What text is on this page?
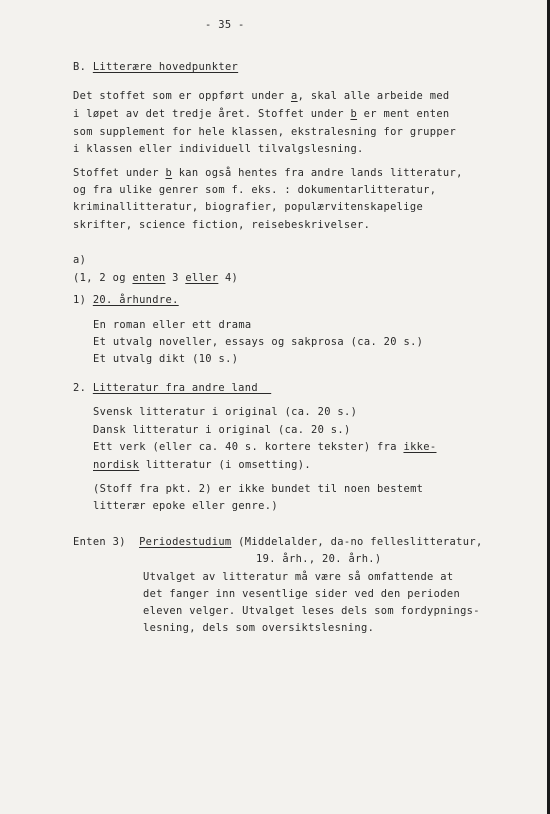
- 35 -
B. Litterære hovedpunkter
Det stoffet som er oppført under a, skal alle arbeide med
i løpet av det tredje året. Stoffet under b er ment enten
som supplement for hele klassen, ekstralesning for grupper
i klassen eller individuell tilvalgslesning.
Stoffet under b kan også hentes fra andre lands litteratur,
og fra ulike genrer som f. eks. : dokumentarlitteratur,
kriminallitteratur, biografier, populærvitenskapelige
skrifter, science fiction, reisebeskrivelser.
a)
(1, 2 og enten 3 eller 4)
1) 20. århundre.
En roman eller ett drama
Et utvalg noveller, essays og sakprosa (ca. 20 s.)
Et utvalg dikt (10 s.)
2. Litteratur fra andre land
Svensk litteratur i original (ca. 20 s.)
Dansk litteratur i original (ca. 20 s.)
Ett verk (eller ca. 40 s. kortere tekster) fra ikke-
nordisk litteratur (i omsetting).
(Stoff fra pkt. 2) er ikke bundet til noen bestemt
litterær epoke eller genre.)
Enten 3)  Periodestudium (Middelalder, da-no felleslitteratur,
19. årh., 20. årh.)
Utvalget av litteratur må være så omfattende at
det fanger inn vesentlige sider ved den perioden
eleven velger. Utvalget leses dels som fordypnings-
lesning, dels som oversiktslesning.
